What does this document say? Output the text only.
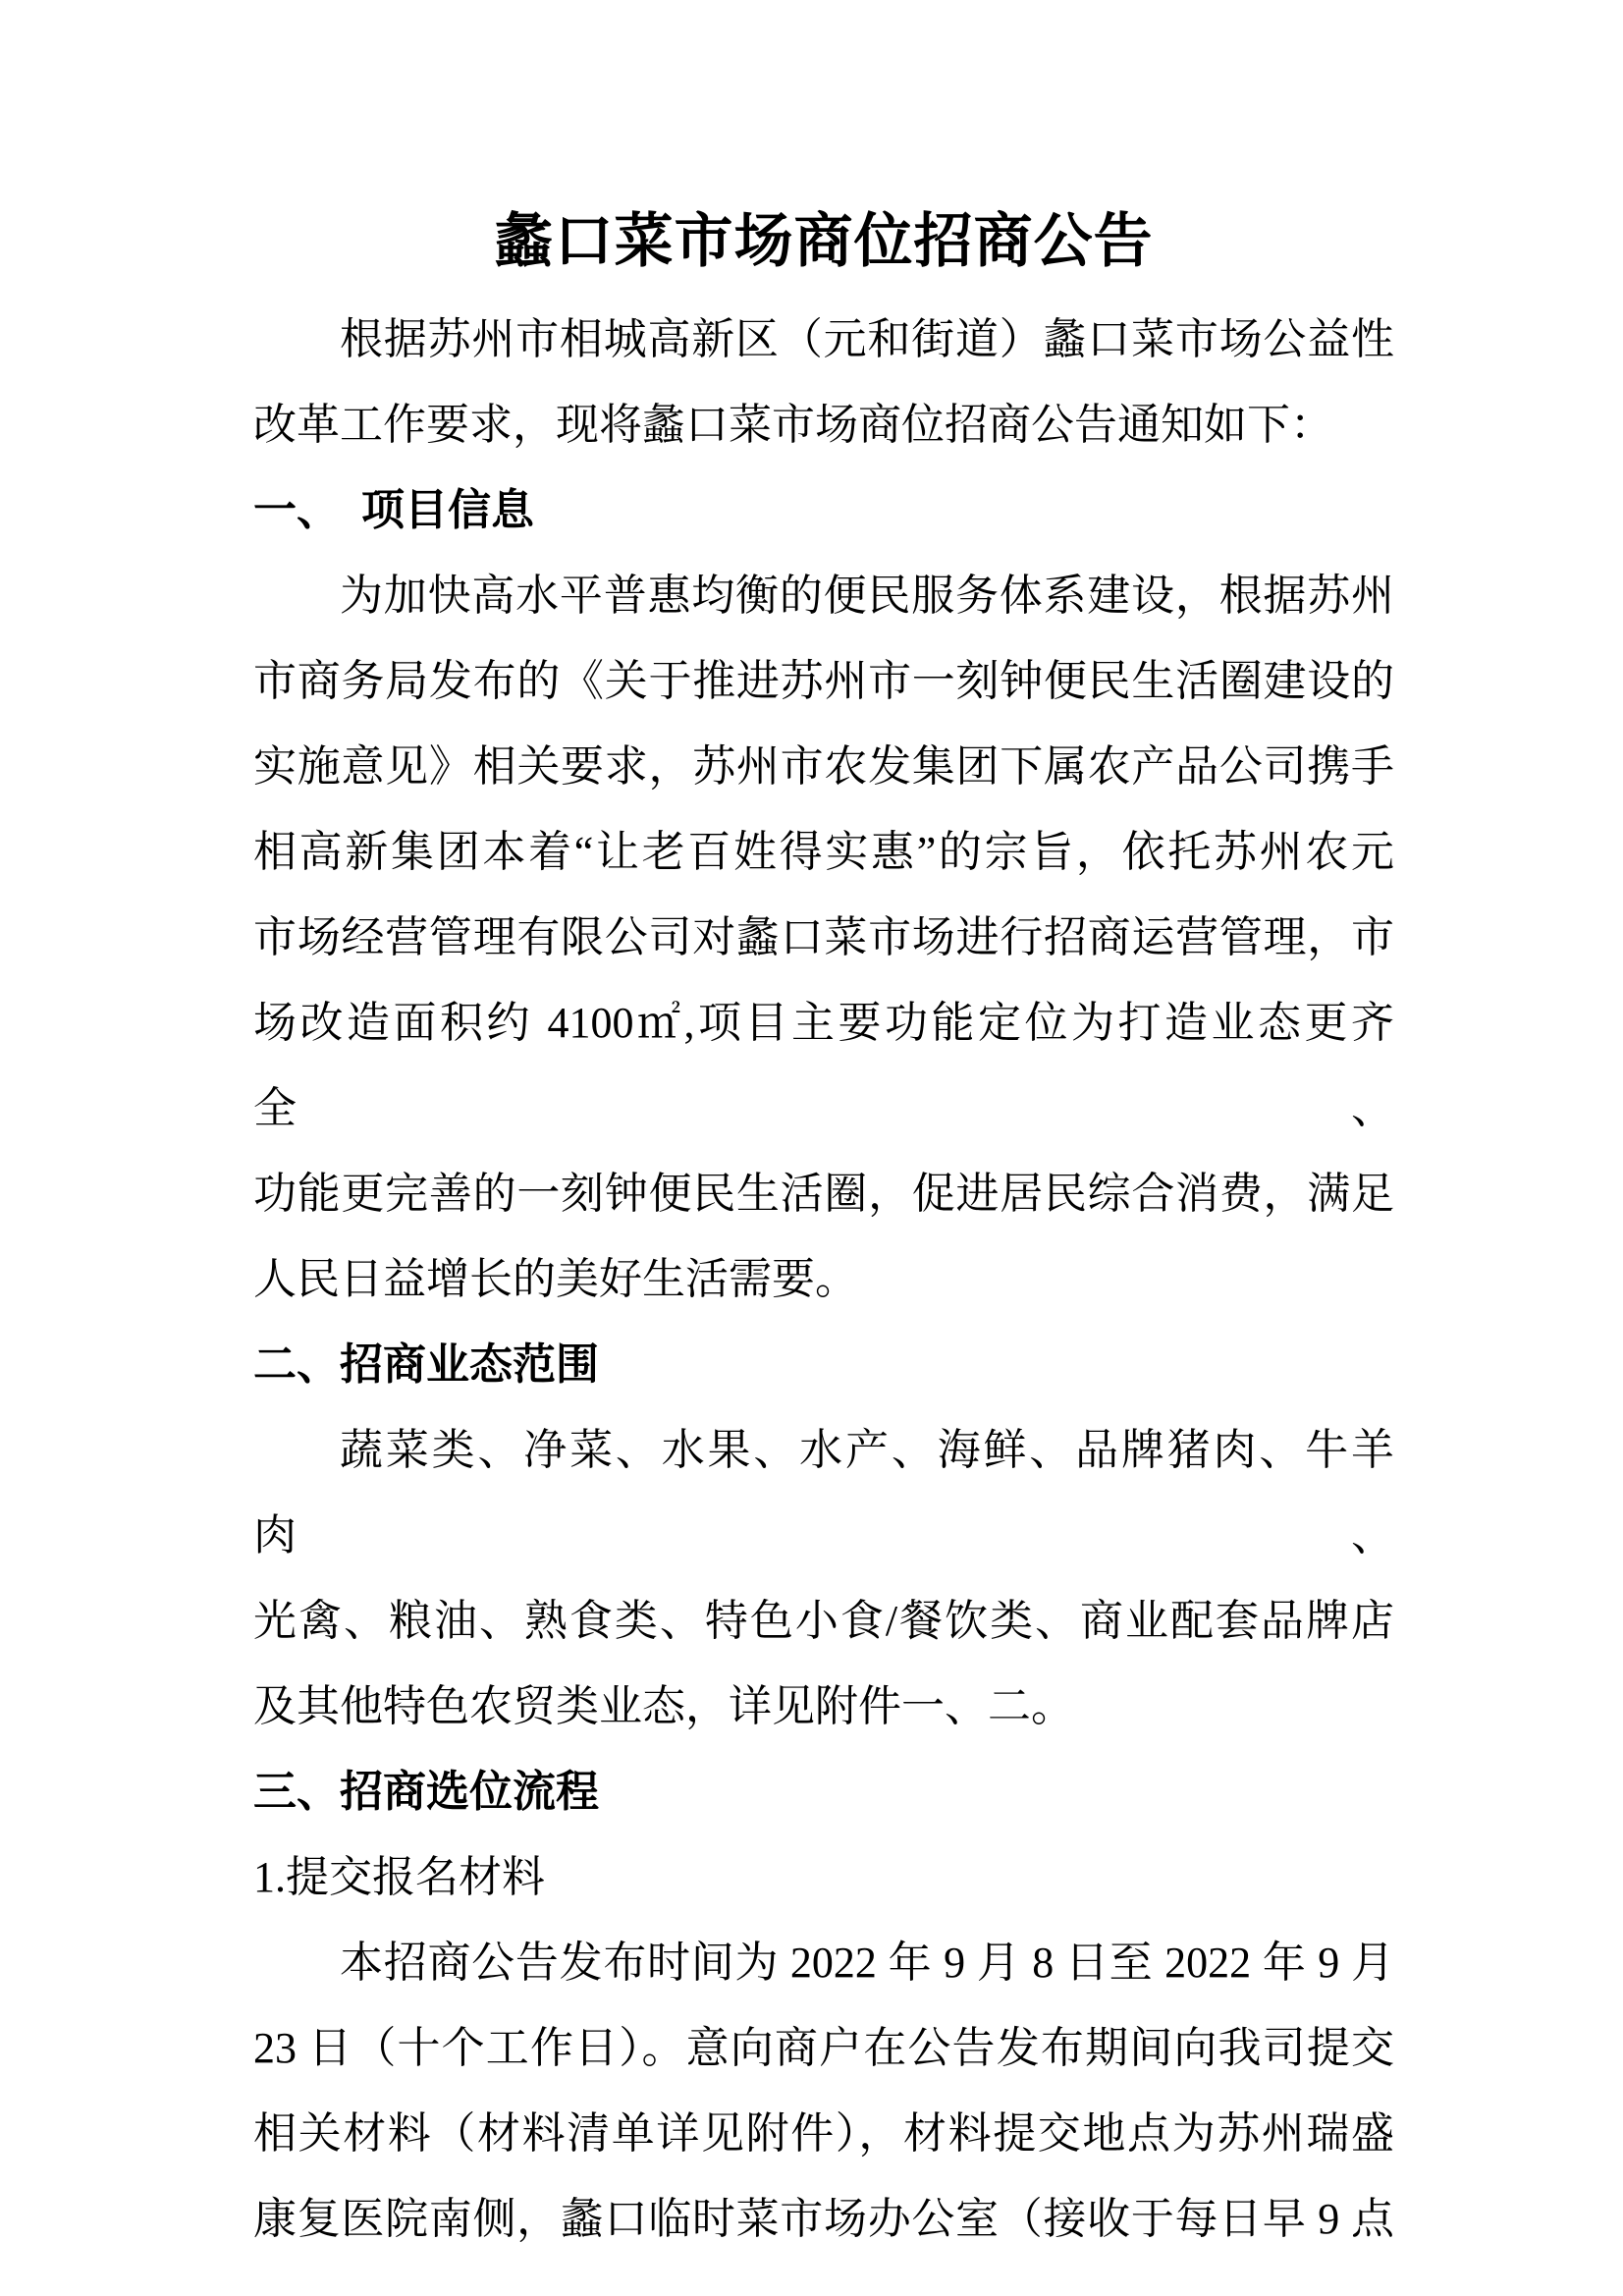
蠡口菜市场商位招商公告
根据苏州市相城高新区（元和街道）蠡口菜市场公益性
改革工作要求，现将蠡口菜市场商位招商公告通知如下：
一、　项目信息
为加快高水平普惠均衡的便民服务体系建设，根据苏州
市商务局发布的《关于推进苏州市一刻钟便民生活圈建设的
实施意见》相关要求，苏州市农发集团下属农产品公司携手
相高新集团本着“让老百姓得实惠”的宗旨，依托苏州农元
市场经营管理有限公司对蠡口菜市场进行招商运营管理，市
场改造面积约 4100㎡,项目主要功能定位为打造业态更齐全、
功能更完善的一刻钟便民生活圈，促进居民综合消费，满足
人民日益增长的美好生活需要。
二、招商业态范围
蔬菜类、净菜、水果、水产、海鲜、品牌猪肉、牛羊肉、
光禽、粮油、熟食类、特色小食/餐饮类、商业配套品牌店
及其他特色农贸类业态，详见附件一、二。
三、招商选位流程
1.提交报名材料
本招商公告发布时间为 2022 年 9 月 8 日至 2022 年 9 月
23 日（十个工作日）。意向商户在公告发布期间向我司提交
相关材料（材料清单详见附件），材料提交地点为苏州瑞盛
康复医院南侧，蠡口临时菜市场办公室（接收于每日早 9 点
